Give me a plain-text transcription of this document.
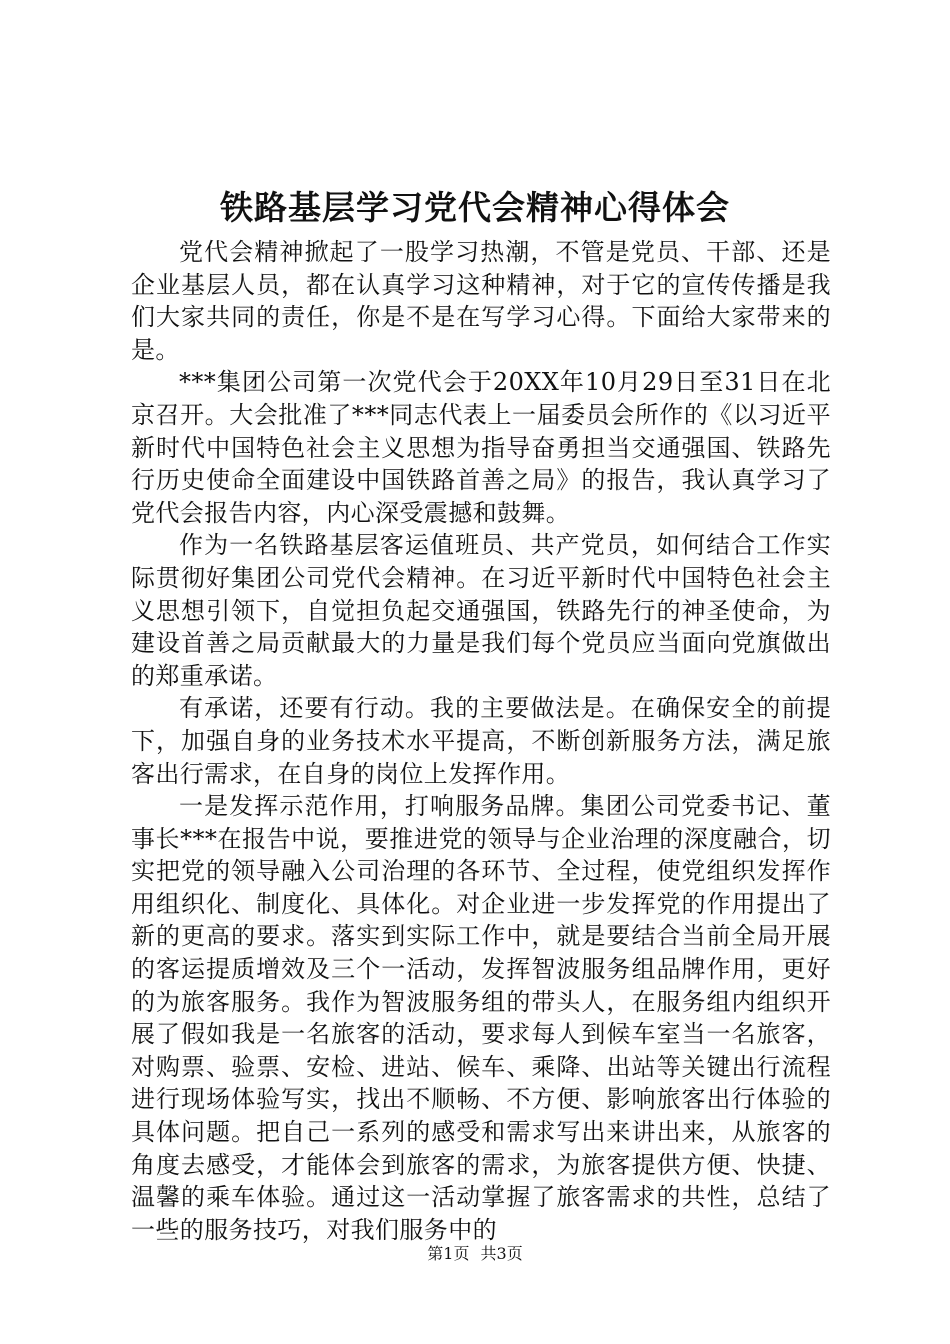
铁路基层学习党代会精神心得体会

党代会精神掀起了一股学习热潮，不管是党员、干部、还是企业基层人员，都在认真学习这种精神，对于它的宣传传播是我们大家共同的责任，你是不是在写学习心得。下面给大家带来的是。

***集团公司第一次党代会于20XX年10月29日至31日在北京召开。大会批准了***同志代表上一届委员会所作的《以习近平新时代中国特色社会主义思想为指导奋勇担当交通强国、铁路先行历史使命全面建设中国铁路首善之局》的报告，我认真学习了党代会报告内容，内心深受震撼和鼓舞。

作为一名铁路基层客运值班员、共产党员，如何结合工作实际贯彻好集团公司党代会精神。在习近平新时代中国特色社会主义思想引领下，自觉担负起交通强国，铁路先行的神圣使命，为建设首善之局贡献最大的力量是我们每个党员应当面向党旗做出的郑重承诺。

有承诺，还要有行动。我的主要做法是。在确保安全的前提下，加强自身的业务技术水平提高，不断创新服务方法，满足旅客出行需求，在自身的岗位上发挥作用。

一是发挥示范作用，打响服务品牌。集团公司党委书记、董事长***在报告中说，要推进党的领导与企业治理的深度融合，切实把党的领导融入公司治理的各环节、全过程，使党组织发挥作用组织化、制度化、具体化。对企业进一步发挥党的作用提出了新的更高的要求。落实到实际工作中，就是要结合当前全局开展的客运提质增效及三个一活动，发挥智波服务组品牌作用，更好的为旅客服务。我作为智波服务组的带头人，在服务组内组织开展了假如我是一名旅客的活动，要求每人到候车室当一名旅客，对购票、验票、安检、进站、候车、乘降、出站等关键出行流程进行现场体验写实，找出不顺畅、不方便、影响旅客出行体验的具体问题。把自己一系列的感受和需求写出来讲出来，从旅客的角度去感受，才能体会到旅客的需求，为旅客提供方便、快捷、温馨的乘车体验。通过这一活动掌握了旅客需求的共性，总结了一些的服务技巧，对我们服务中的

第1页 共3页
